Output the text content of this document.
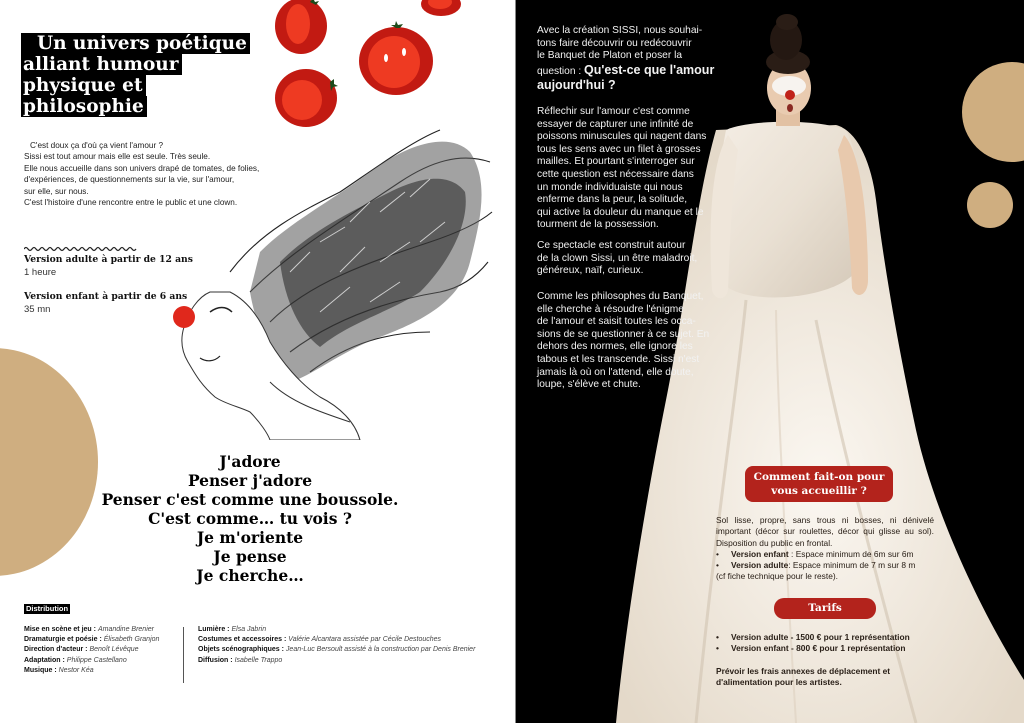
Un univers poétique
alliant humour
physique et
philosophie
C'est doux ça d'où ça vient l'amour ?
Sissi est tout amour mais elle est seule. Très seule.
Elle nous accueille dans son univers drapé de tomates, de folies,
d'expériences, de questionnements sur la vie, sur l'amour,
sur elle, sur nous.
C'est l'histoire d'une rencontre entre le public et une clown.
Version adulte à partir de 12 ans
1 heure
Version enfant à partir de 6 ans
35 mn
J'adore
Penser j'adore
Penser c'est comme une boussole.
C'est comme… tu vois ?
Je m'oriente
Je pense
Je cherche…
Distribution
Mise en scène et jeu : Amandine Brenier
Dramaturgie et poésie : Élisabeth Granjon
Direction d'acteur : Benoît Lévêque
Adaptation : Philippe Castellano
Musique : Nestor Kéa
Lumière : Elsa Jabrin
Costumes et accessoires : Valérie Alcantara assistée par Cécile Destouches
Objets scénographiques : Jean-Luc Bersoult assisté à la construction par Denis Brenier
Diffusion : Isabelle Trappo
Avec la création SISSI, nous souhai-
tons faire découvrir ou redécouvrir
le Banquet de Platon et poser la
question : Qu'est-ce que l'amour aujourd'hui ?
Réflechir sur l'amour c'est comme
essayer de capturer une infinité de
poissons minuscules qui nagent dans
tous les sens avec un filet à grosses
mailles. Et pourtant s'interroger sur
cette question est nécessaire dans
un monde individuaiste qui nous
enferme dans la peur, la solitude,
qui active la douleur du manque et le
tourment de la possession.
Ce spectacle est construit autour
de la clown Sissi, un être maladroit,
généreux, naïf, curieux.
Comme les philosophes du Banquet,
elle cherche à résoudre l'énigme
de l'amour et saisit toutes les occa-
sions de se questionner à ce sujet. En
dehors des normes, elle ignore les
tabous et les transcende. Sissi n'est
jamais là où on l'attend, elle doute,
loupe, s'élève et chute.
Comment fait-on pour
vous accueillir ?
Sol lisse, propre, sans trous ni bosses, ni dénivelé important (décor sur roulettes, décor qui glisse au sol). Disposition du public en frontal.
•	Version enfant : Espace minimum de 6m sur 6m
•	Version adulte: Espace minimum de 7 m sur 8 m
(cf fiche technique pour le reste).
Tarifs
•	Version adulte - 1500 € pour 1 représentation
•	Version enfant - 800 € pour 1 représentation
Prévoir les frais annexes de déplacement et d'alimentation pour les artistes.
